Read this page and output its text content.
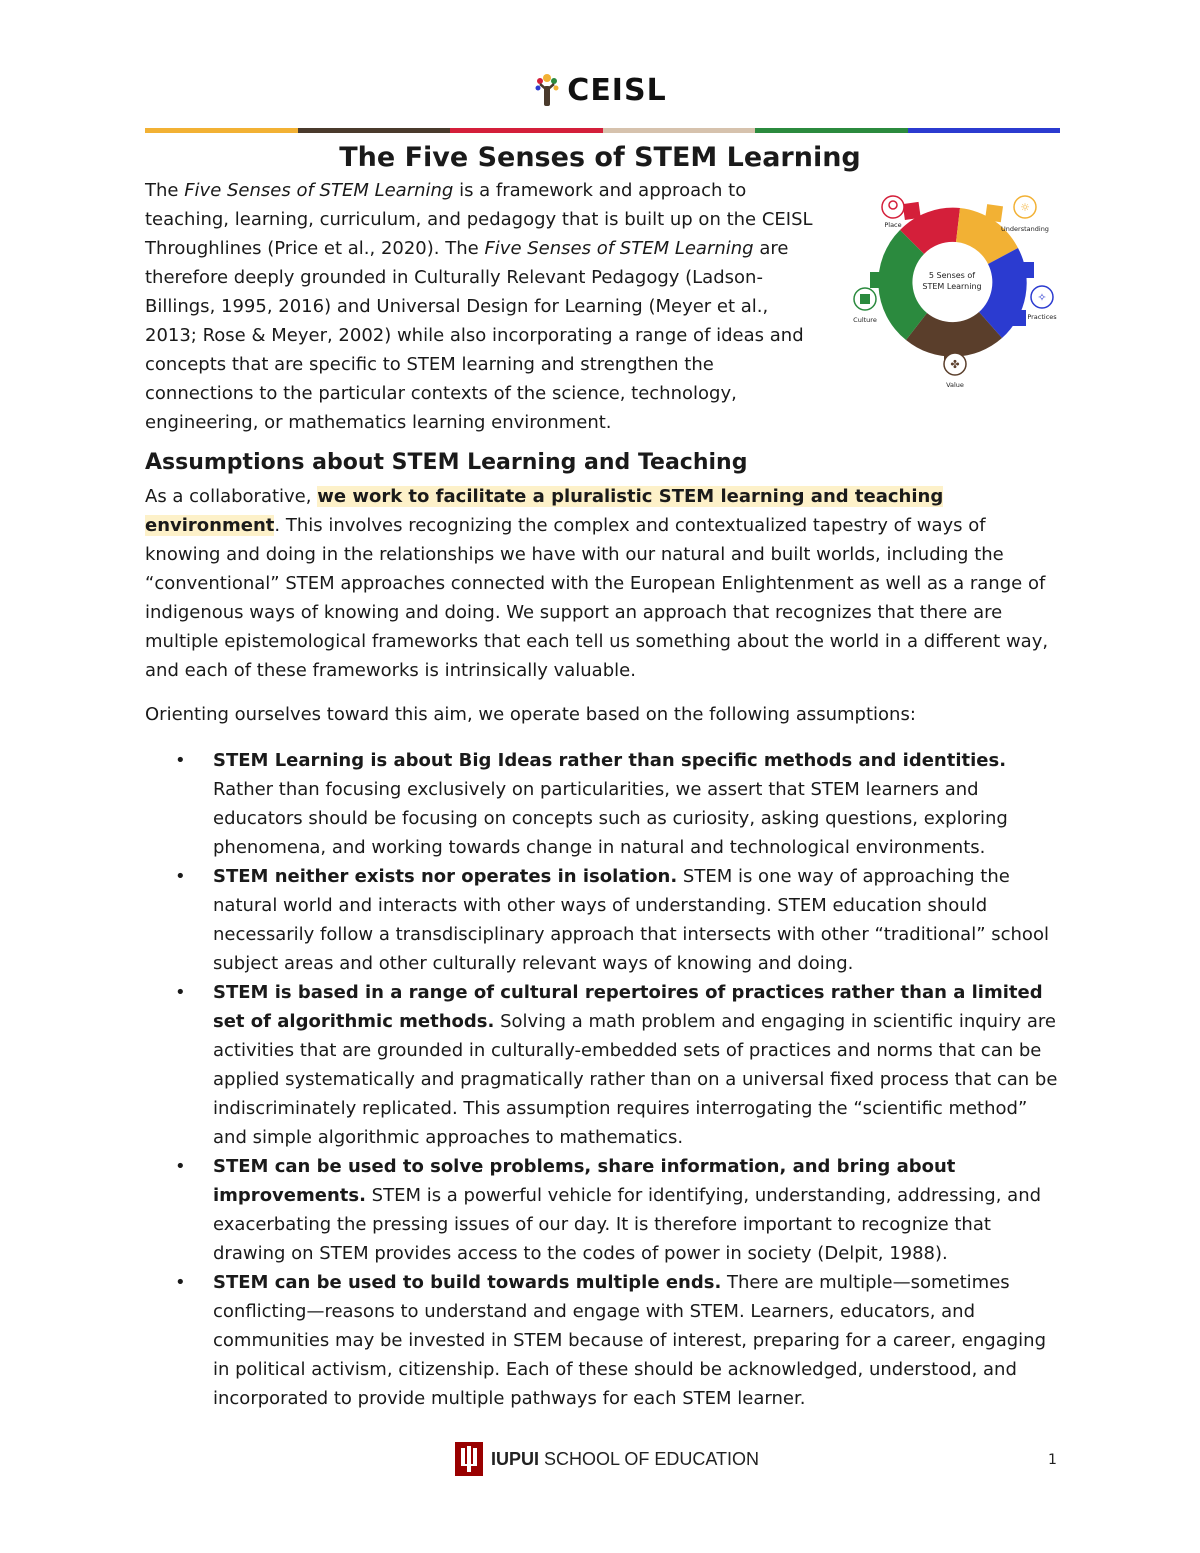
CEISL
The Five Senses of STEM Learning

The Five Senses of STEM Learning is a framework and approach to teaching, learning, curriculum, and pedagogy that is built up on the CEISL Throughlines (Price et al., 2020). The Five Senses of STEM Learning are therefore deeply grounded in Culturally Relevant Pedagogy (Ladson-Billings, 1995, 2016) and Universal Design for Learning (Meyer et al., 2013; Rose & Meyer, 2002) while also incorporating a range of ideas and concepts that are specific to STEM learning and strengthen the connections to the particular contexts of the science, technology, engineering, or mathematics learning environment.

5 Senses of
STEM Learning
Place
☼
Understanding
✧
Practices
✤
Value
Culture
Assumptions about STEM Learning and Teaching

As a collaborative, we work to facilitate a pluralistic STEM learning and teaching environment. This involves recognizing the complex and contextualized tapestry of ways of knowing and doing in the relationships we have with our natural and built worlds, including the “conventional” STEM approaches connected with the European Enlightenment as well as a range of indigenous ways of knowing and doing. We support an approach that recognizes that there are multiple epistemological frameworks that each tell us something about the world in a different way, and each of these frameworks is intrinsically valuable.

Orienting ourselves toward this aim, we operate based on the following assumptions:

• STEM Learning is about Big Ideas rather than specific methods and identities. Rather than focusing exclusively on particularities, we assert that STEM learners and educators should be focusing on concepts such as curiosity, asking questions, exploring phenomena, and working towards change in natural and technological environments.
• STEM neither exists nor operates in isolation. STEM is one way of approaching the natural world and interacts with other ways of understanding. STEM education should necessarily follow a transdisciplinary approach that intersects with other “traditional” school subject areas and other culturally relevant ways of knowing and doing.
• STEM is based in a range of cultural repertoires of practices rather than a limited set of algorithmic methods. Solving a math problem and engaging in scientific inquiry are activities that are grounded in culturally-embedded sets of practices and norms that can be applied systematically and pragmatically rather than on a universal fixed process that can be indiscriminately replicated. This assumption requires interrogating the “scientific method” and simple algorithmic approaches to mathematics.
• STEM can be used to solve problems, share information, and bring about improvements. STEM is a powerful vehicle for identifying, understanding, addressing, and exacerbating the pressing issues of our day. It is therefore important to recognize that drawing on STEM provides access to the codes of power in society (Delpit, 1988).
• STEM can be used to build towards multiple ends. There are multiple—sometimes conflicting—reasons to understand and engage with STEM. Learners, educators, and communities may be invested in STEM because of interest, preparing for a career, engaging in political activism, citizenship. Each of these should be acknowledged, understood, and incorporated to provide multiple pathways for each STEM learner.
IUPUI SCHOOL OF EDUCATION	1
